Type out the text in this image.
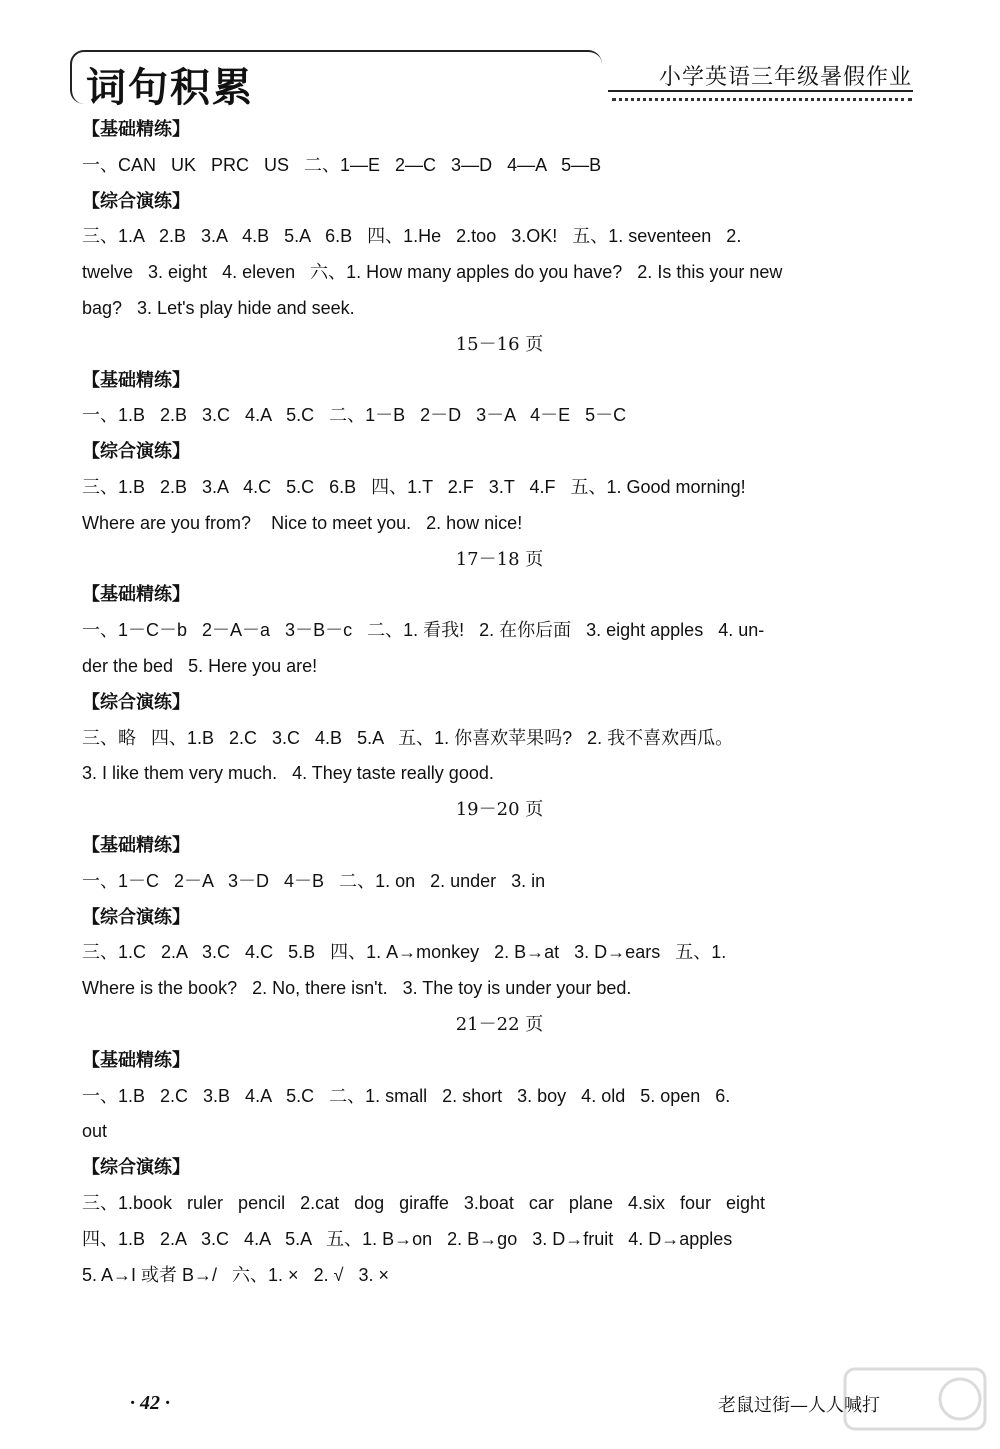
词句积累	小学英语三年级暑假作业
【基础精练】
一、CAN   UK   PRC   US   二、1—E   2—C   3—D   4—A   5—B
【综合演练】
三、1.A   2.B   3.A   4.B   5.A   6.B   四、1.He   2.too   3.OK!   五、1. seventeen   2.
twelve   3. eight   4. eleven   六、1. How many apples do you have?   2. Is this your new
bag?   3. Let's play hide and seek.
15－16 页
【基础精练】
一、1.B   2.B   3.C   4.A   5.C   二、1－B   2－D   3－A   4－E   5－C
【综合演练】
三、1.B   2.B   3.A   4.C   5.C   6.B   四、1.T   2.F   3.T   4.F   五、1. Good morning!
Where are you from?    Nice to meet you.   2. how nice!
17－18 页
【基础精练】
一、1－C－b   2－A－a   3－B－c   二、1. 看我!   2. 在你后面   3. eight apples   4. un-
der the bed   5. Here you are!
【综合演练】
三、略   四、1.B   2.C   3.C   4.B   5.A   五、1. 你喜欢苹果吗?   2. 我不喜欢西瓜。
3. I like them very much.   4. They taste really good.
19－20 页
【基础精练】
一、1－C   2－A   3－D   4－B   二、1. on   2. under   3. in
【综合演练】
三、1.C   2.A   3.C   4.C   5.B   四、1. A→monkey   2. B→at   3. D→ears   五、1.
Where is the book?   2. No, there isn't.   3. The toy is under your bed.
21－22 页
【基础精练】
一、1.B   2.C   3.B   4.A   5.C   二、1. small   2. short   3. boy   4. old   5. open   6.
out
【综合演练】
三、1.book   ruler   pencil   2.cat   dog   giraffe   3.boat   car   plane   4.six   four   eight
四、1.B   2.A   3.C   4.A   5.A   五、1. B→on   2. B→go   3. D→fruit   4. D→apples
5. A→I 或者 B→/   六、1. ×   2. √   3. ×
· 42 ·	老鼠过街—人人喊打
